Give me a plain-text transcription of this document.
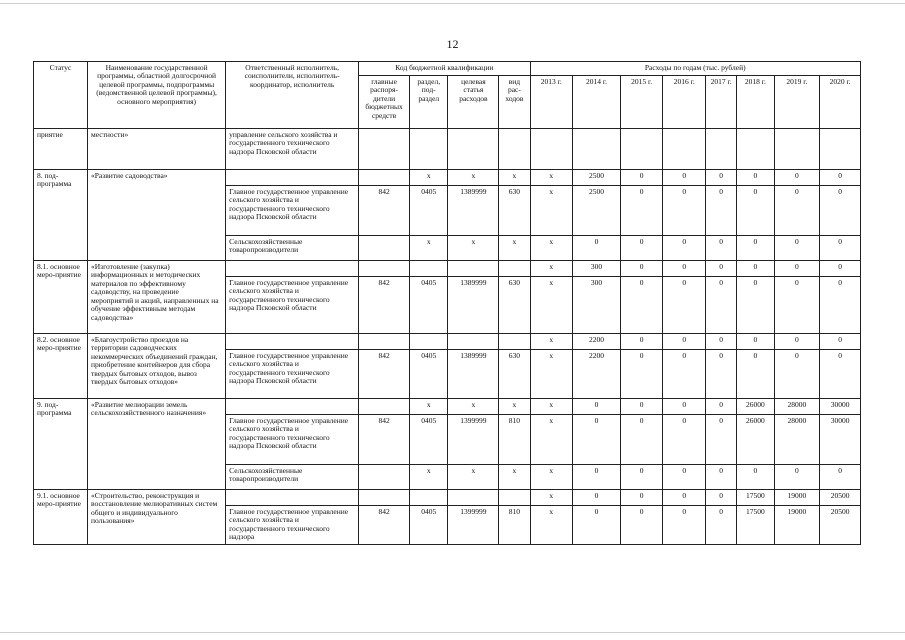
12
Статус	Наименование государственной программы, областной долгосрочной целевой программы, подпрограммы (ведомственной целевой программы), основного мероприятия)	Ответственный исполнитель, соисполнители, исполнитель-координатор, исполнитель	Код бюджетной квалификации				Расходы по годам (тыс. рублей)							
			главные распоря-дители бюджетных средств	раздел, под-раздел	целевая статья расходов	вид рас-ходов	2013 г.	2014 г.	2015 г.	2016 г.	2017 г.	2018 г.	2019 г.	2020 г.
приятие	местности»	управление сельского хозяйства и государственного технического надзора Псковской области												
8. под-программа	«Развитие садоводства»			x	x	x	x	2500	0	0	0	0	0	0
		Главное государственное управление сельского хозяйства и государственного технического надзора Псковской области	842	0405	1389999	630	x	2500	0	0	0	0	0	0
		Сельскохозяйственные товаропроизводители		x	x	x	x	0	0	0	0	0	0	0
8.1. основное меро-приятие	«Изготовление (закупка) информационных и методических материалов по эффективному садоводству, на проведение мероприятий и акций, направленных на обучение эффективным методам садоводства»						x	300	0	0	0	0	0	0
		Главное государственное управление сельского хозяйства и государственного технического надзора Псковской области	842	0405	1389999	630	x	300	0	0	0	0	0	0
8.2. основное меро-приятие	«Благоустройство проездов на территории садоводческих некоммерческих объединений граждан, приобретение контейнеров для сбора твердых бытовых отходов, вывоз твердых бытовых отходов»						x	2200	0	0	0	0	0	0
		Главное государственное управление сельского хозяйства и государственного технического надзора Псковской области	842	0405	1389999	630	x	2200	0	0	0	0	0	0
9. под-программа	«Развитие мелиорации земель сельскохозяйственного назначения»			x	x	x	x	0	0	0	0	26000	28000	30000
		Главное государственное управление сельского хозяйства и государственного технического надзора Псковской области	842	0405	1399999	810	x	0	0	0	0	26000	28000	30000
		Сельскохозяйственные товаропроизводители		x	x	x	x	0	0	0	0	0	0	0
9.1. основное меро-приятие	«Строительство, реконструкция и восстановление мелиоративных систем общего и индивидуального пользования»						x	0	0	0	0	17500	19000	20500
		Главное государственное управление сельского хозяйства и государственного технического надзора	842	0405	1399999	810	x	0	0	0	0	17500	19000	20500
